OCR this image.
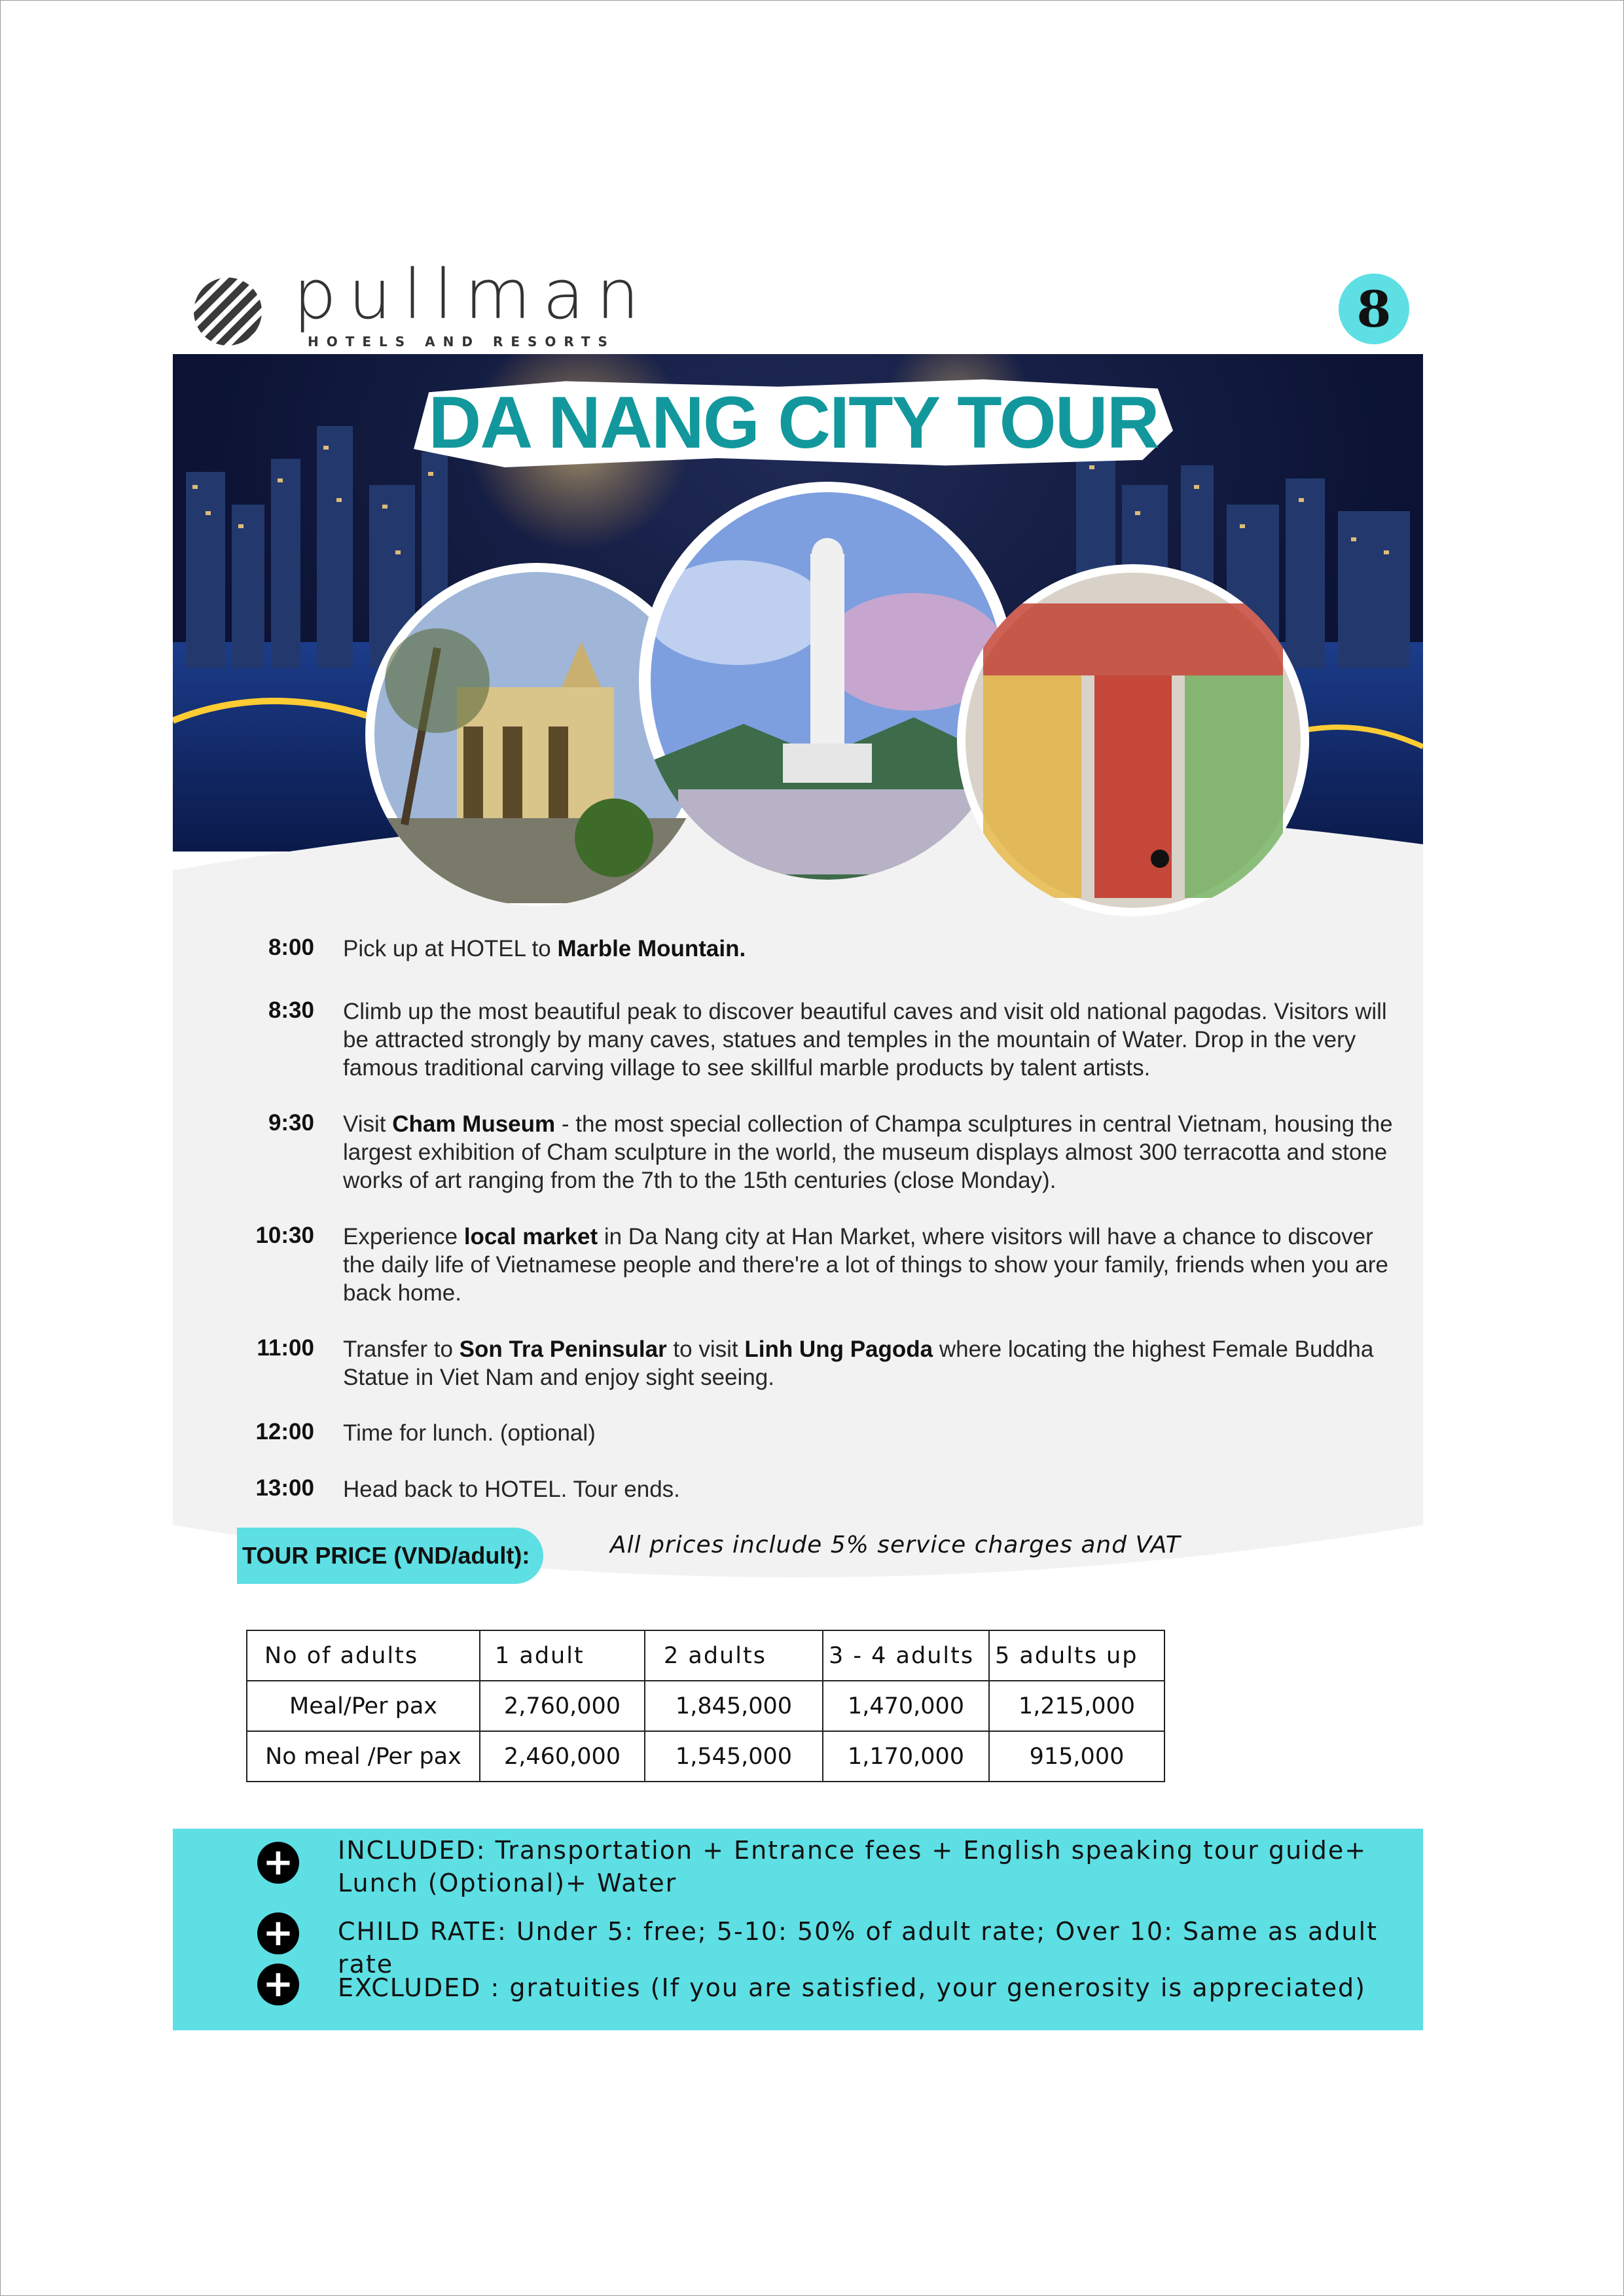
pullman
HOTELS AND RESORTS
8
DA NANG CITY TOUR
8:00 Pick up at HOTEL to Marble Mountain.
8:30 Climb up the most beautiful peak to discover beautiful caves and visit old national pagodas. Visitors will be attracted strongly by many caves, statues and temples in the mountain of Water. Drop in the very famous traditional carving village to see skillful marble products by talent artists.
9:30 Visit Cham Museum - the most special collection of Champa sculptures in central Vietnam, housing the largest exhibition of Cham sculpture in the world, the museum displays almost 300 terracotta and stone works of art ranging from the 7th to the 15th centuries (close Monday).
10:30 Experience local market in Da Nang city at Han Market, where visitors will have a chance to discover the daily life of Vietnamese people and there're a lot of things to show your family, friends when you are back home.
11:00 Transfer to Son Tra Peninsular to visit Linh Ung Pagoda where locating the highest Female Buddha Statue in Viet Nam and enjoy sight seeing.
12:00 Time for lunch. (optional)
13:00 Head back to HOTEL. Tour ends.
TOUR PRICE (VND/adult):	All prices include 5% service charges and VAT
No of adults	1 adult	2 adults	3 - 4 adults	5 adults up
Meal/Per pax	2,760,000	1,845,000	1,470,000	1,215,000
No meal /Per pax	2,460,000	1,545,000	1,170,000	915,000
+ INCLUDED: Transportation + Entrance fees + English speaking tour guide+ Lunch (Optional)+ Water
+ CHILD RATE: Under 5: free; 5-10: 50% of adult rate; Over 10: Same as adult rate
+ EXCLUDED : gratuities (If you are satisfied, your generosity is appreciated)
